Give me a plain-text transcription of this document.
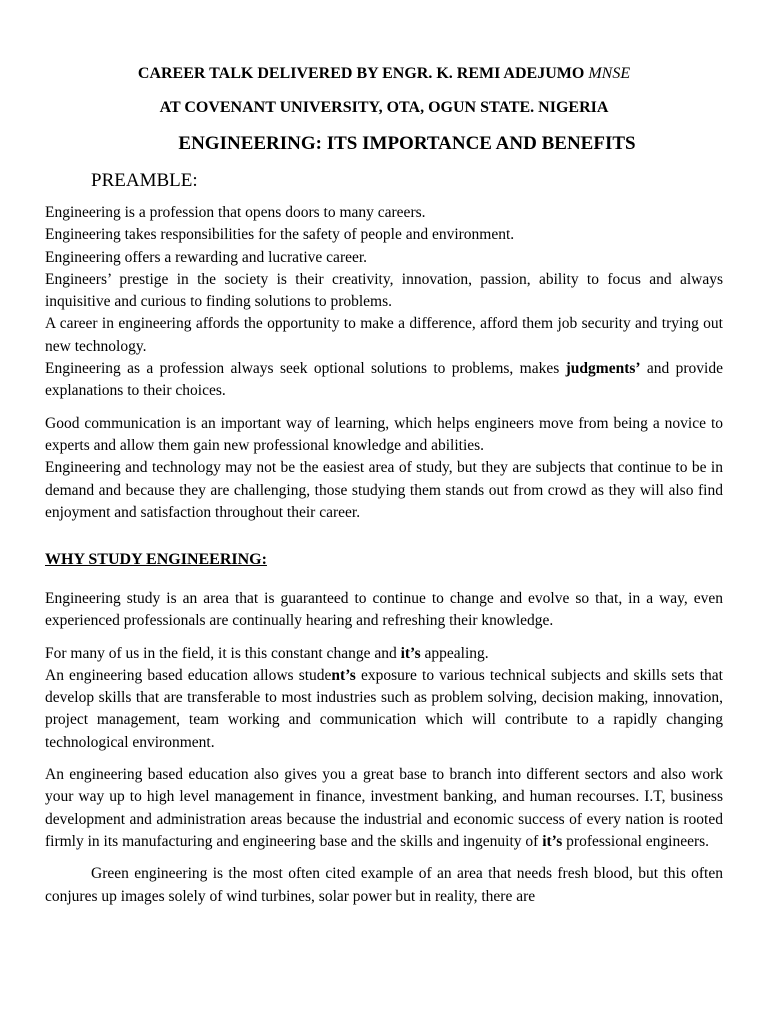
CAREER TALK DELIVERED BY ENGR. K. REMI ADEJUMO MNSE
AT COVENANT UNIVERSITY, OTA, OGUN STATE. NIGERIA
ENGINEERING: ITS IMPORTANCE AND BENEFITS
PREAMBLE:

Engineering is a profession that opens doors to many careers.

Engineering takes responsibilities for the safety of people and environment.

Engineering offers a rewarding and lucrative career.

Engineers’ prestige in the society is their creativity, innovation, passion, ability to focus and always inquisitive and curious to finding solutions to problems.

A career in engineering affords the opportunity to make a difference, afford them job security and trying out new technology.

Engineering as a profession always seek optional solutions to problems, makes judgments’ and provide explanations to their choices.

Good communication is an important way of learning, which helps engineers move from being a novice to experts and allow them gain new professional knowledge and abilities.

Engineering and technology may not be the easiest area of study, but they are subjects that continue to be in demand and because they are challenging, those studying them stands out from crowd as they will also find enjoyment and satisfaction throughout their career.

WHY STUDY ENGINEERING:

Engineering study is an area that is guaranteed to continue to change and evolve so that, in a way, even experienced professionals are continually hearing and refreshing their knowledge.

For many of us in the field, it is this constant change and it’s appealing.

An engineering based education allows student’s exposure to various technical subjects and skills sets that develop skills that are transferable to most industries such as problem solving, decision making, innovation, project management, team working and communication which will contribute to a rapidly changing technological environment.

An engineering based education also gives you a great base to branch into different sectors and also work your way up to high level management in finance, investment banking, and human recourses. I.T, business development and administration areas because the industrial and economic success of every nation is rooted firmly in its manufacturing and engineering base and the skills and ingenuity of it’s professional engineers.

Green engineering is the most often cited example of an area that needs fresh blood, but this often conjures up images solely of wind turbines, solar power but in reality, there are
